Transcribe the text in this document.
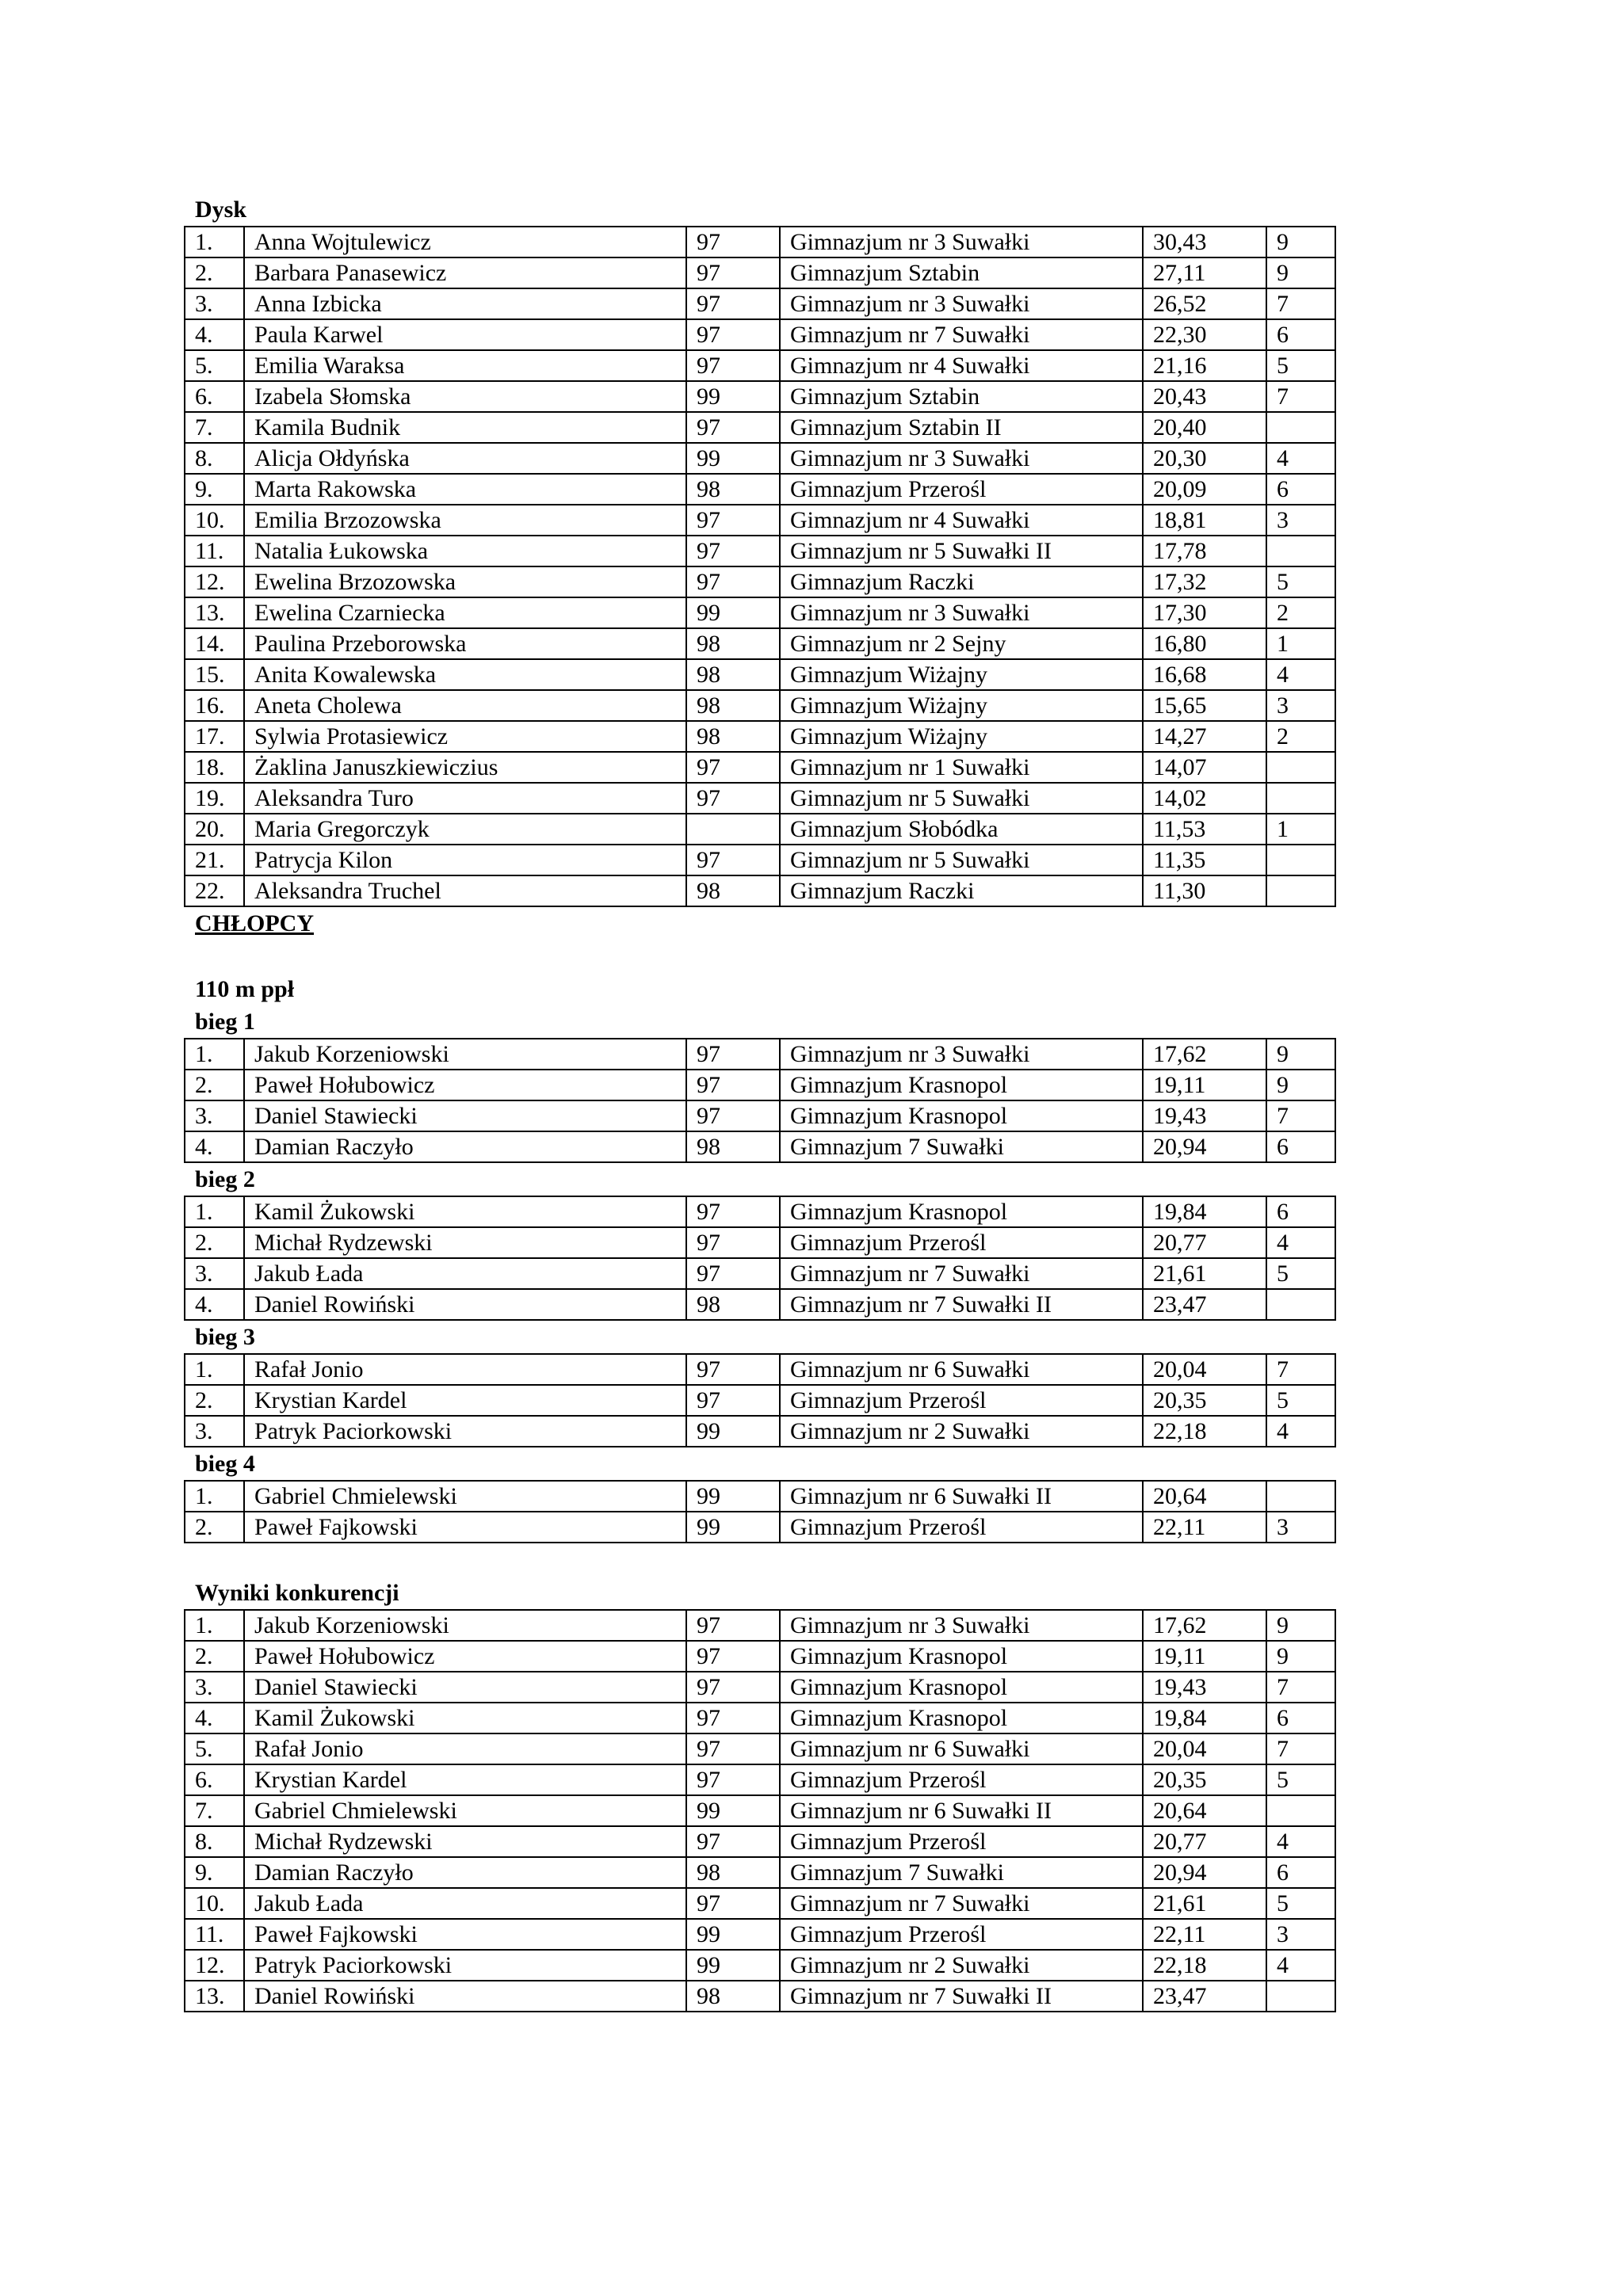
Dysk
1.	Anna Wojtulewicz	97	Gimnazjum nr 3 Suwałki	30,43	9
2.	Barbara Panasewicz	97	Gimnazjum Sztabin	27,11	9
3.	Anna Izbicka	97	Gimnazjum nr 3 Suwałki	26,52	7
4.	Paula Karwel	97	Gimnazjum nr 7 Suwałki	22,30	6
5.	Emilia Waraksa	97	Gimnazjum nr 4 Suwałki	21,16	5
6.	Izabela Słomska	99	Gimnazjum Sztabin	20,43	7
7.	Kamila Budnik	97	Gimnazjum Sztabin II	20,40	
8.	Alicja Ołdyńska	99	Gimnazjum nr 3 Suwałki	20,30	4
9.	Marta Rakowska	98	Gimnazjum Przerośl	20,09	6
10.	Emilia Brzozowska	97	Gimnazjum nr 4 Suwałki	18,81	3
11.	Natalia Łukowska	97	Gimnazjum nr 5 Suwałki II	17,78	
12.	Ewelina Brzozowska	97	Gimnazjum Raczki	17,32	5
13.	Ewelina Czarniecka	99	Gimnazjum nr 3 Suwałki	17,30	2
14.	Paulina Przeborowska	98	Gimnazjum nr 2 Sejny	16,80	1
15.	Anita Kowalewska	98	Gimnazjum Wiżajny	16,68	4
16.	Aneta Cholewa	98	Gimnazjum Wiżajny	15,65	3
17.	Sylwia Protasiewicz	98	Gimnazjum Wiżajny	14,27	2
18.	Żaklina Januszkiewiczius	97	Gimnazjum nr 1 Suwałki	14,07	
19.	Aleksandra Turo	97	Gimnazjum nr 5 Suwałki	14,02	
20.	Maria Gregorczyk		Gimnazjum Słobódka	11,53	1
21.	Patrycja Kilon	97	Gimnazjum nr 5 Suwałki	11,35	
22.	Aleksandra Truchel	98	Gimnazjum Raczki	11,30	
CHŁOPCY
110 m ppł
bieg 1
1.	Jakub Korzeniowski	97	Gimnazjum nr 3 Suwałki	17,62	9
2.	Paweł Hołubowicz	97	Gimnazjum Krasnopol	19,11	9
3.	Daniel Stawiecki	97	Gimnazjum Krasnopol	19,43	7
4.	Damian Raczyło	98	Gimnazjum 7 Suwałki	20,94	6
bieg 2
1.	Kamil Żukowski	97	Gimnazjum Krasnopol	19,84	6
2.	Michał Rydzewski	97	Gimnazjum Przerośl	20,77	4
3.	Jakub Łada	97	Gimnazjum nr 7 Suwałki	21,61	5
4.	Daniel Rowiński	98	Gimnazjum nr 7 Suwałki II	23,47	
bieg 3
1.	Rafał Jonio	97	Gimnazjum nr 6 Suwałki	20,04	7
2.	Krystian Kardel	97	Gimnazjum Przerośl	20,35	5
3.	Patryk Paciorkowski	99	Gimnazjum nr 2 Suwałki	22,18	4
bieg 4
1.	Gabriel Chmielewski	99	Gimnazjum nr 6 Suwałki II	20,64	
2.	Paweł Fajkowski	99	Gimnazjum Przerośl	22,11	3
Wyniki konkurencji
1.	Jakub Korzeniowski	97	Gimnazjum nr 3 Suwałki	17,62	9
2.	Paweł Hołubowicz	97	Gimnazjum Krasnopol	19,11	9
3.	Daniel Stawiecki	97	Gimnazjum Krasnopol	19,43	7
4.	Kamil Żukowski	97	Gimnazjum Krasnopol	19,84	6
5.	Rafał Jonio	97	Gimnazjum nr 6 Suwałki	20,04	7
6.	Krystian Kardel	97	Gimnazjum Przerośl	20,35	5
7.	Gabriel Chmielewski	99	Gimnazjum nr 6 Suwałki II	20,64	
8.	Michał Rydzewski	97	Gimnazjum Przerośl	20,77	4
9.	Damian Raczyło	98	Gimnazjum 7 Suwałki	20,94	6
10.	Jakub Łada	97	Gimnazjum nr 7 Suwałki	21,61	5
11.	Paweł Fajkowski	99	Gimnazjum Przerośl	22,11	3
12.	Patryk Paciorkowski	99	Gimnazjum nr 2 Suwałki	22,18	4
13.	Daniel Rowiński	98	Gimnazjum nr 7 Suwałki II	23,47	
